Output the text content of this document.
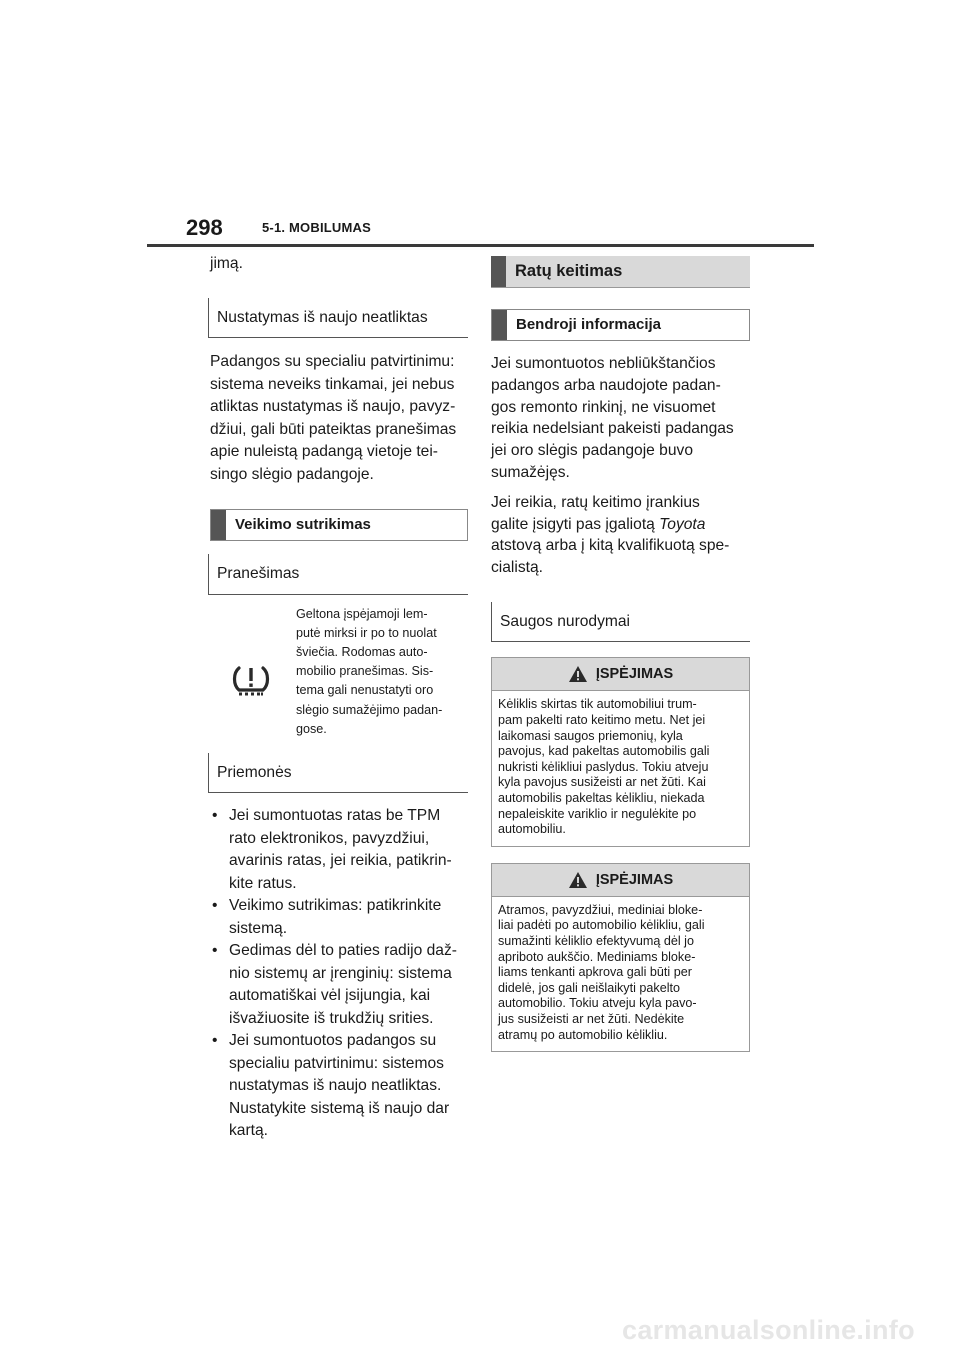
298	5-1. MOBILUMAS

jimą.

Nustatymas iš naujo neatliktas

Padangos su specialiu patvirtinimu:

sistema neveiks tinkamai, jei nebus

atliktas nustatymas iš naujo, pavyz-

džiui, gali būti pateiktas pranešimas

apie nuleistą padangą vietoje tei-

singo slėgio padangoje.

Veikimo sutrikimas
Pranešimas

Geltona įspėjamoji lem-

putė mirksi ir po to nuolat

šviečia. Rodomas auto-

mobilio pranešimas. Sis-

tema gali nenustatyti oro

slėgio sumažėjimo padan-

gose.

Priemonės

• Jei sumontuotas ratas be TPM

rato elektronikos, pavyzdžiui,

avarinis ratas, jei reikia, patikrin-

kite ratus.

• Veikimo sutrikimas: patikrinkite

sistemą.

• Gedimas dėl to paties radijo daž-

nio sistemų ar įrenginių: sistema

automatiškai vėl įsijungia, kai

išvažiuosite iš trukdžių srities.

• Jei sumontuotos padangos su

specialiu patvirtinimu: sistemos

nustatymas iš naujo neatliktas.

Nustatykite sistemą iš naujo dar

kartą.

Ratų keitimas
Bendroji informacija

Jei sumontuotos nebliūkštančios

padangos arba naudojote padan-

gos remonto rinkinį, ne visuomet

reikia nedelsiant pakeisti padangas

jei oro slėgis padangoje buvo

sumažėjęs.

Jei reikia, ratų keitimo įrankius

galite įsigyti pas įgaliotą Toyota

atstovą arba į kitą kvalifikuotą spe-

cialistą.

Saugos nurodymai
ĮSPĖJIMAS

Kėliklis skirtas tik automobiliui trum-

pam pakelti rato keitimo metu. Net jei

laikomasi saugos priemonių, kyla

pavojus, kad pakeltas automobilis gali

nukristi kėlikliui paslydus. Tokiu atveju

kyla pavojus susižeisti ar net žūti. Kai

automobilis pakeltas kėlikliu, niekada

nepaleiskite variklio ir negulėkite po

automobiliu.

ĮSPĖJIMAS

Atramos, pavyzdžiui, mediniai bloke-

liai padėti po automobilio kėlikliu, gali

sumažinti kėliklio efektyvumą dėl jo

apriboto aukščio. Mediniams bloke-

liams tenkanti apkrova gali būti per

didelė, jos gali neišlaikyti pakelto

automobilio. Tokiu atveju kyla pavo-

jus susižeisti ar net žūti. Nedėkite

atramų po automobilio kėlikliu.

carmanualsonline.info
